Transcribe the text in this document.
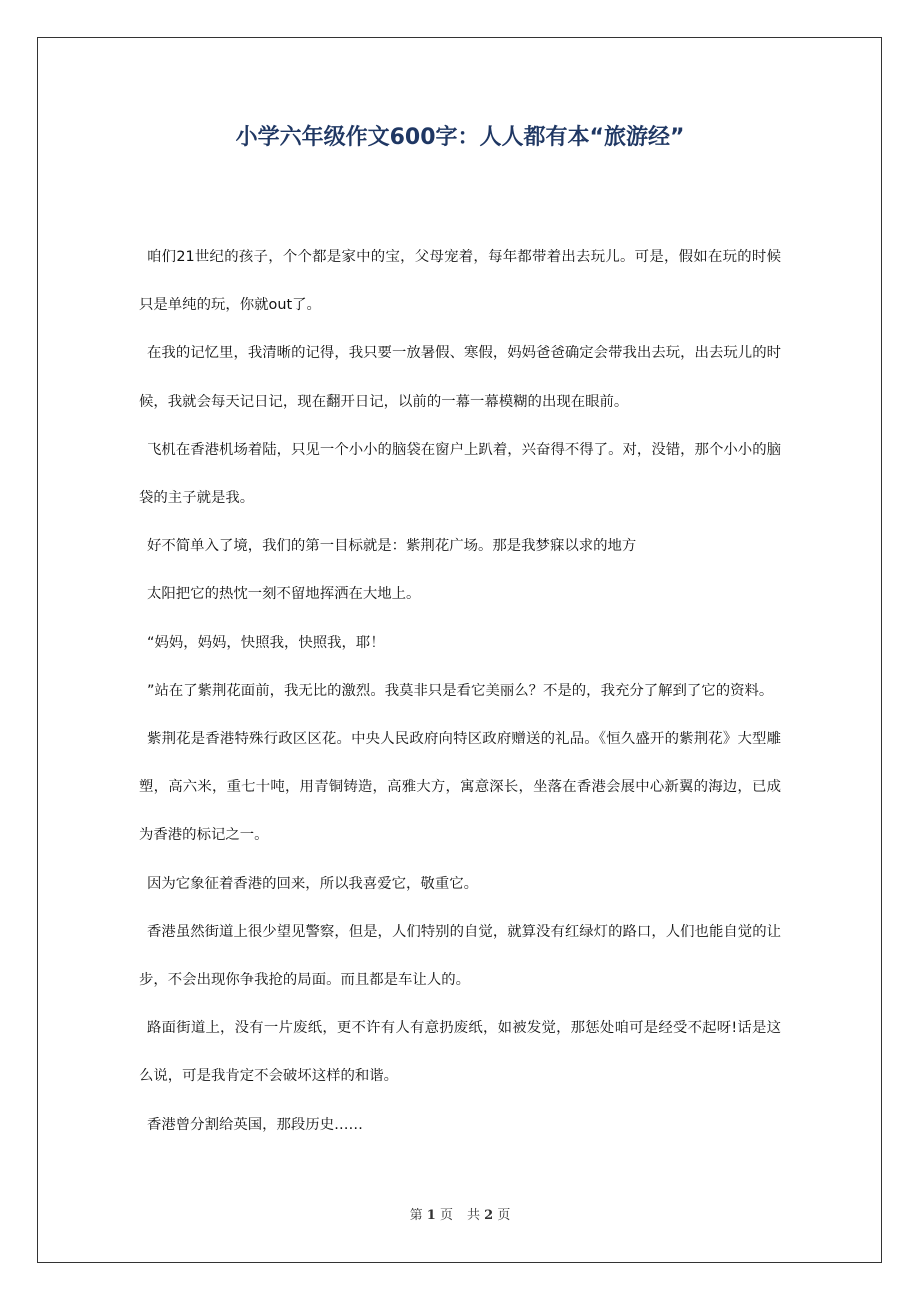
小学六年级作文600字：人人都有本“旅游经”

咱们21世纪的孩子，个个都是家中的宝，父母宠着，每年都带着出去玩儿。可是，假如在玩的时候只是单纯的玩，你就out了。

在我的记忆里，我清晰的记得，我只要一放暑假、寒假，妈妈爸爸确定会带我出去玩，出去玩儿的时候，我就会每天记日记，现在翻开日记，以前的一幕一幕模糊的出现在眼前。

飞机在香港机场着陆，只见一个小小的脑袋在窗户上趴着，兴奋得不得了。对，没错，那个小小的脑袋的主子就是我。

好不简单入了境，我们的第一目标就是：紫荆花广场。那是我梦寐以求的地方

太阳把它的热忱一刻不留地挥洒在大地上。

“妈妈，妈妈，快照我，快照我，耶！

”站在了紫荆花面前，我无比的激烈。我莫非只是看它美丽么？不是的，我充分了解到了它的资料。

紫荆花是香港特殊行政区区花。中央人民政府向特区政府赠送的礼品。《恒久盛开的紫荆花》大型雕塑，高六米，重七十吨，用青铜铸造，高雅大方，寓意深长，坐落在香港会展中心新翼的海边，已成为香港的标记之一。

因为它象征着香港的回来，所以我喜爱它，敬重它。

香港虽然街道上很少望见警察，但是，人们特别的自觉，就算没有红绿灯的路口，人们也能自觉的让步，不会出现你争我抢的局面。而且都是车让人的。

路面街道上，没有一片废纸，更不许有人有意扔废纸，如被发觉，那惩处咱可是经受不起呀!话是这么说，可是我肯定不会破坏这样的和谐。

香港曾分割给英国，那段历史……

第 1 页 共 2 页
